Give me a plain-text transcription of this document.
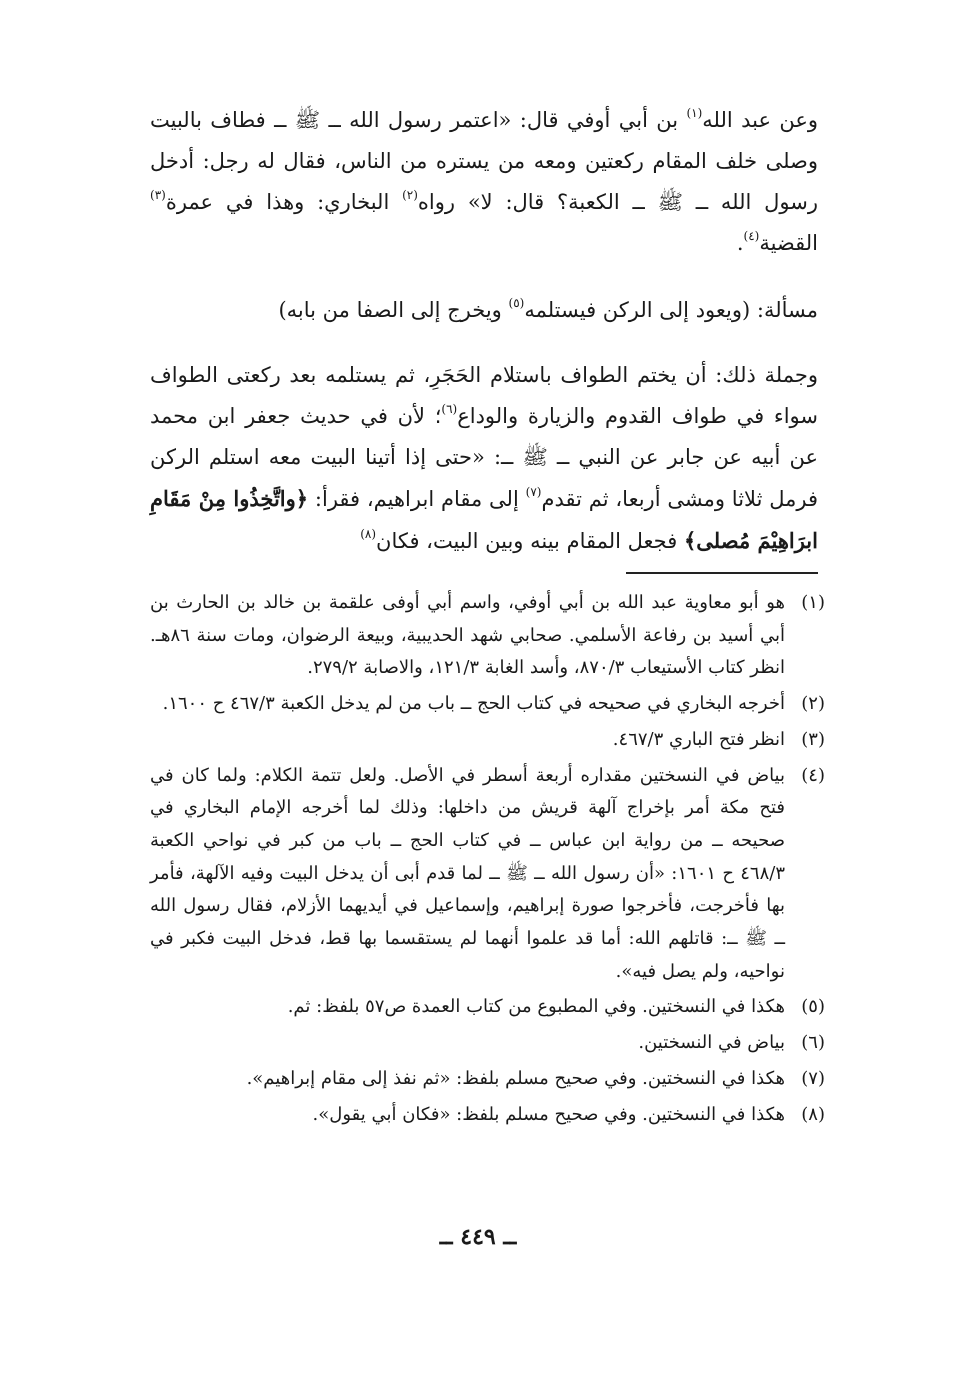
وعن عبد الله$^{(١)}$ بن أبي أوفي قال: «اعتمر رسول الله ــ ﷺ ــ فطاف بالبيت وصلى خلف المقام ركعتين ومعه من يستره من الناس، فقال له رجل: أدخل رسول الله ــ ﷺ ــ الكعبة؟ قال: لا» رواه$^{(٢)}$ البخاري: وهذا في عمرة$^{(٣)}$ القضية$^{(٤)}$.

مسألة: (ويعود إلى الركن فيستلمه$^{(٥)}$ ويخرج إلى الصفا من بابه)

وجملة ذلك: أن يختم الطواف باستلام الحَجَرِ، ثم يستلمه بعد ركعتى الطواف سواء في طواف القدوم والزيارة والوداع$^{(٦)}$؛ لأن في حديث جعفر ابن محمد عن أبيه عن جابر عن النبي ــ ﷺ ــ: «حتى إذا أتينا البيت معه استلم الركن فرمل ثلاثا ومشى أربعا، ثم تقدم$^{(٧)}$ إلى مقام ابراهيم، فقرأ: ﴿واتَّخِذُوا مِنْ مَقَامِ ابرَاهِيْمَ مُصلى﴾ فجعل المقام بينه وبين البيت، فكان$^{(٨)}$

(١)
هو أبو معاوية عبد الله بن أبي أوفي، واسم أبي أوفى علقمة بن خالد بن الحارث بن أبي أسيد بن رفاعة الأسلمي. صحابي شهد الحديبية، وبيعة الرضوان، ومات سنة ٨٦هـ. انظر كتاب الأستيعاب ٨٧٠/٣، وأسد الغابة ١٢١/٣، والاصابة ٢٧٩/٢.
(٢)
أخرجه البخاري في صحيحه في كتاب الحج ــ باب من لم يدخل الكعبة ٤٦٧/٣ ح ١٦٠٠.
(٣)
انظر فتح الباري ٤٦٧/٣.
(٤)
بياض في النسختين مقداره أربعة أسطر في الأصل. ولعل تتمة الكلام: ولما كان في فتح مكة أمر بإخراج آلهة قريش من داخلها: وذلك لما أخرجه الإمام البخاري في صحيحه ــ من رواية ابن عباس ــ في كتاب الحج ــ باب من كبر في نواحي الكعبة ٤٦٨/٣ ح ١٦٠١: «أن رسول الله ــ ﷺ ــ لما قدم أبى أن يدخل البيت وفيه الآلهة، فأمر بها فأخرجت، فأخرجوا صورة إبراهيم، وإسماعيل في أيديهما الأزلام، فقال رسول الله ــ ﷺ ــ: قاتلهم الله: أما قد علموا أنهما لم يستقسما بها قط، فدخل البيت فكبر في نواحيه، ولم يصل فيه».
(٥)
هكذا في النسختين. وفي المطبوع من كتاب العمدة ص٥٧ بلفظ: ثم.
(٦)
بياض في النسختين.
(٧)
هكذا في النسختين. وفي صحيح مسلم بلفظ: «ثم نفذ إلى مقام إبراهيم».
(٨)
هكذا في النسختين. وفي صحيح مسلم بلفظ: «فكان أبي يقول».
ــ ٤٤٩ ــ
